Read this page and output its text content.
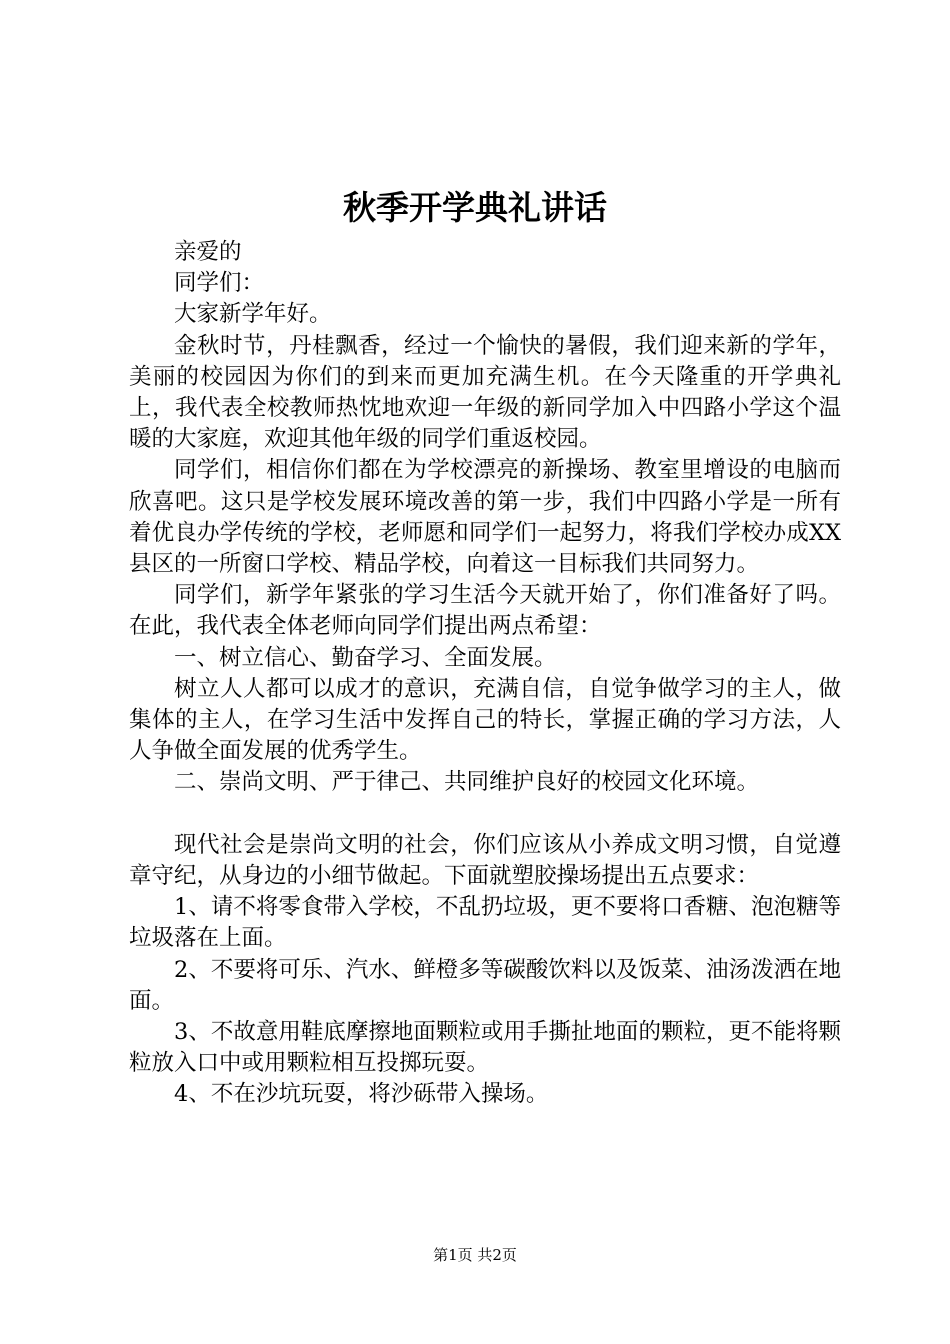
秋季开学典礼讲话

亲爱的

同学们：

大家新学年好。

金秋时节，丹桂飘香，经过一个愉快的暑假，我们迎来新的学年，美丽的校园因为你们的到来而更加充满生机。在今天隆重的开学典礼上，我代表全校教师热忱地欢迎一年级的新同学加入中四路小学这个温暖的大家庭，欢迎其他年级的同学们重返校园。

同学们，相信你们都在为学校漂亮的新操场、教室里增设的电脑而欣喜吧。这只是学校发展环境改善的第一步，我们中四路小学是一所有着优良办学传统的学校，老师愿和同学们一起努力，将我们学校办成XX县区的一所窗口学校、精品学校，向着这一目标我们共同努力。

同学们，新学年紧张的学习生活今天就开始了，你们准备好了吗。在此，我代表全体老师向同学们提出两点希望：

一、树立信心、勤奋学习、全面发展。

树立人人都可以成才的意识，充满自信，自觉争做学习的主人，做集体的主人，在学习生活中发挥自己的特长，掌握正确的学习方法，人人争做全面发展的优秀学生。

二、崇尚文明、严于律己、共同维护良好的校园文化环境。

现代社会是崇尚文明的社会，你们应该从小养成文明习惯，自觉遵章守纪，从身边的小细节做起。下面就塑胶操场提出五点要求：

1、请不将零食带入学校，不乱扔垃圾，更不要将口香糖、泡泡糖等垃圾落在上面。

2、不要将可乐、汽水、鲜橙多等碳酸饮料以及饭菜、油汤泼洒在地面。

3、不故意用鞋底摩擦地面颗粒或用手撕扯地面的颗粒，更不能将颗粒放入口中或用颗粒相互投掷玩耍。

4、不在沙坑玩耍，将沙砾带入操场。

第1页 共2页
